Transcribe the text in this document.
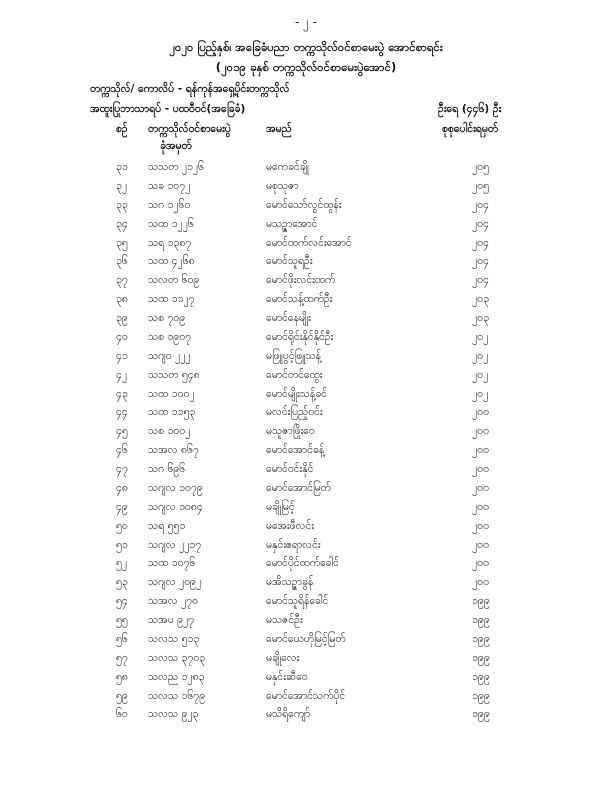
- ၂ -
၂၀၂၀ ပြည့်နှစ်၊ အခြေခံပညာ တက္ကသိုလ်ဝင်စာမေးပွဲ အောင်စာရင်း
(၂၀၁၉ ခုနှစ် တက္ကသိုလ်ဝင်စာမေးပွဲအောင်)
တက္ကသိုလ်/ ကောလိပ် - ရန်ကုန်အရှေ့ပိုင်းတက္ကသိုလ်
အထူးပြုဘာသာရပ် - ပထဝီဝင်(အခြေခံ)	ဦးရေ (၄၄၆) ဦး
စဉ် တက္ကသိုလ်ဝင်စာမေးပွဲ
ခုံအမှတ်
အမည်	စုစုပေါင်းရမှတ်
၃၁ သသတ ၂၁၂၆	မကေခင်ချို	၂၀၅
၃၂ သခ ၁၀၇၂	မစုသုဇာ	၂၀၅
၃၃ သဂ ၁၂၆၀	မောင်သော်လွင်ထွန်း	၂၀၄
၃၄ သထ ၁၂၂၆	မသဉ္ဇာအောင်	၂၀၄
၃၅ သရ ၁၃၈၇	မောင်ထက်လင်းအောင်	၂၀၄
၃၆ သထ ၄၂၆၈	မောင်သူရဦး	၂၀၄
၃၇ သလတ ၆၀၉	မောင်ဖိုးလင်းထက်	၂၀၄
၃၈ သထ ၁၁၂၇	မောင်သန့်ထက်ဦး	၂၀၃
၃၉ သစ ၇၀၉	မောင်နေမျိုး	၂၀၃
၄၀ သစ ၁၉၀၇	မောင်ရိုင်းနိုင်နိုင်ဦး	၂၀၂
၄၁ သဂျ၀ ၂၂၂	မဖြူပွင့်ဖြူသန့်	၂၀၂
၄၂ သသတ ၅၄၈	မောင်တင်ထွေး	၂၀၂
၄၃ သထ ၁၀၀၂	မောင်မျိုးသန့်ခင်	၂၀၂
၄၄ သထ ၁၁၅၃	မလင်းပြည့်ဝင်း	၂၀၀
၄၅ သစ ၁၀၀၂	မသူဇာဖြိုးဝေ	၂၀၀
၄၆ သအလ ၈၆၇	မောင်အောင်ခန့်	၂၀၀
၄၇ သဂ ၆၉၆	မောင်ဝင်းနိုင်	၂၀၀
၄၈ သဂျလ ၁၀၇၉	မောင်အောင်မြတ်	၂၀၀
၄၉ သဂျလ ၁၀၈၄	မချိုမြင့်	၂၀၀
၅၀ သရ ၅၅၁	မအေးဖီလင်း	၂၀၀
၅၁ သဂျလ ၂၂၁၇	မနှင်းဧရာလင်း	၂၀၀
၅၂ သထ ၁၀၇၆	မောင်ပိုင်ထက်ခေါင်	၂၀၀
၅၃ သဂျလ ၂၀၉၂	မအိသဉ္ဇာခွန်	၂၀၀
၅၄ သအလ ၂၇၀	မောင်သူရိန်ခေါင်	၁၉၉
၅၅ သအပ ၉၂၇	မသဇင်ဦး	၁၉၉
၅၆ သလသ ၅၁၃	မောင်ယေဟိုမြင့်မြတ်	၁၉၉
၅၇ သလသ ၃၇၀၃	မချိုလေး	၁၉၉
၅၈ သလည ၁၂၈၃	မနှင်းဆီဝေ	၁၉၉
၅၉ သလသ ၁၆၇၉	မောင်အောင်သက်ပိုင်	၁၉၉
၆၀ သလသ ၉၂၃	မသိရိကျော်	၁၉၉
